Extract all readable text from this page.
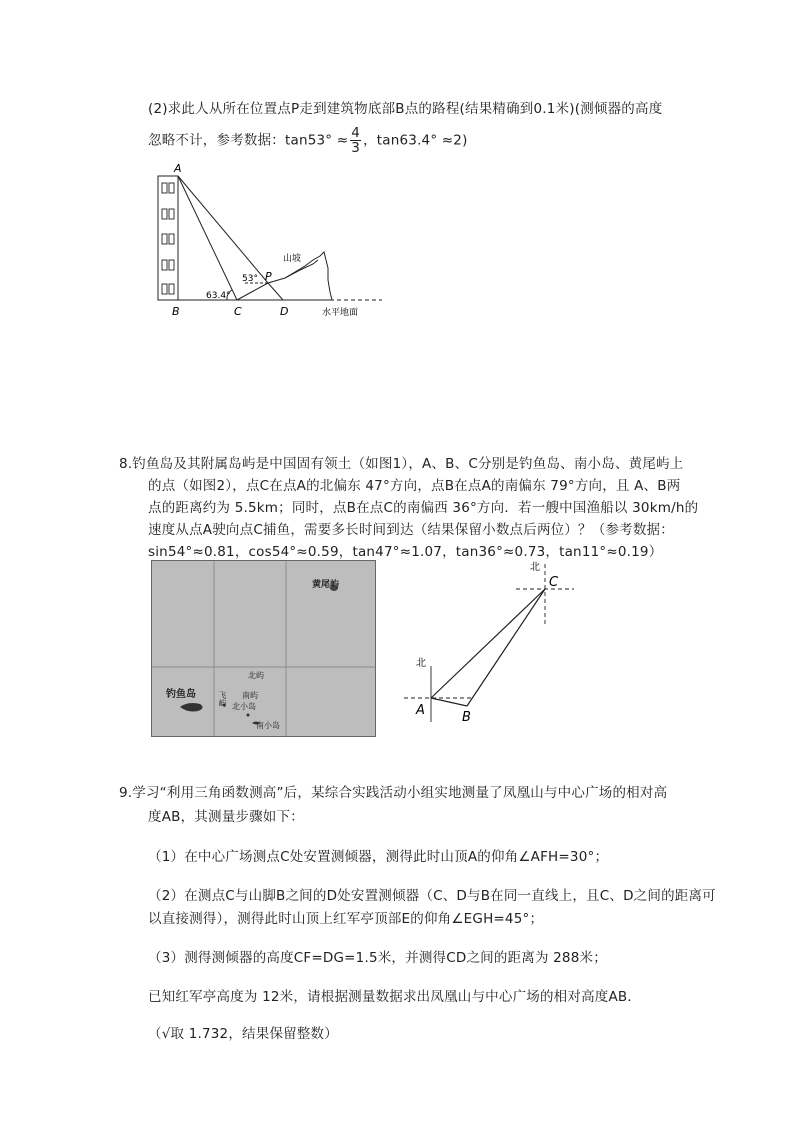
(2)求此人从所在位置点P走到建筑物底部B点的路程(结果精确到0.1米)(测倾器的高度
忽略不计，参考数据：$\tan 53^\circ \approx \frac{4}{3}$ ，tan63.4° ≈2)
A
B	C	D
P
53°
63.4°
山坡
水平地面
8.钓鱼岛及其附属岛屿是中国固有领土（如图1），A、B、C分别是钓鱼岛、南小岛、黄尾屿上
的点（如图2），点C在点A的北偏东 47°方向，点B在点A的南偏东 79°方向，且 A、B两
点的距离约为 5.5km；同时，点B在点C的南偏西 36°方向．若一艘中国渔船以 30km/h的
速度从点A驶向点C捕鱼，需要多长时间到达（结果保留小数点后两位）？（参考数据：
sin54°≈0.81，cos54°≈0.59，tan47°≈1.07，tan36°≈0.73，tan11°≈0.19）
黄尾屿
钓鱼岛
北屿
南屿
飞屿 北小岛
南小岛
北
北
C
A	B
9.学习“利用三角函数测高”后，某综合实践活动小组实地测量了凤凰山与中心广场的相对高
度AB，其测量步骤如下：
（1）在中心广场测点C处安置测倾器，测得此时山顶A的仰角∠AFH=30°；
（2）在测点C与山脚B之间的D处安置测倾器（C、D与B在同一直线上，且C、D之间的距离可
以直接测得），测得此时山顶上红军亭顶部E的仰角∠EGH=45°；
（3）测得测倾器的高度CF=DG=1.5米，并测得CD之间的距离为 288米；
已知红军亭高度为 12米，请根据测量数据求出凤凰山与中心广场的相对高度AB．
（√取 1.732，结果保留整数）
